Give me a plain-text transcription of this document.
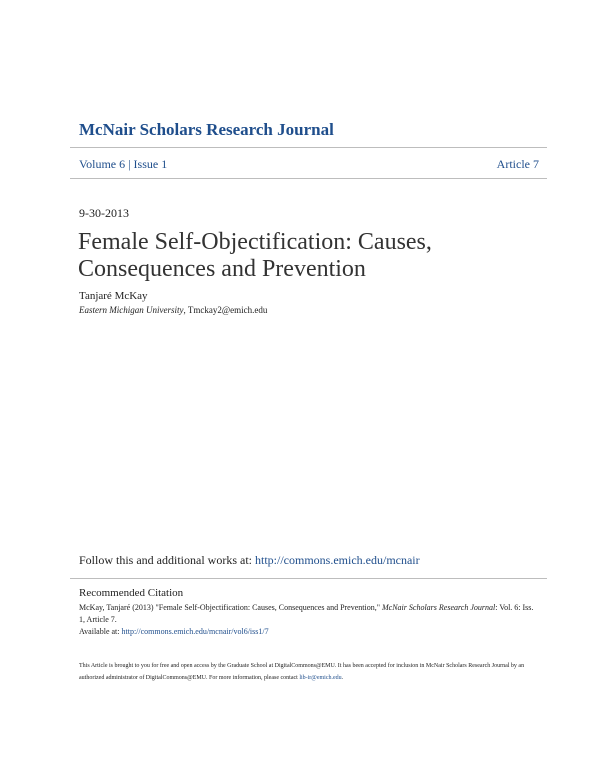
McNair Scholars Research Journal
Volume 6 | Issue 1	Article 7
9-30-2013
Female Self-Objectification: Causes, Consequences and Prevention
Tanjaré McKay
Eastern Michigan University, Tmckay2@emich.edu
Follow this and additional works at: http://commons.emich.edu/mcnair
Recommended Citation
McKay, Tanjaré (2013) "Female Self-Objectification: Causes, Consequences and Prevention," McNair Scholars Research Journal: Vol. 6: Iss. 1, Article 7.
Available at: http://commons.emich.edu/mcnair/vol6/iss1/7
This Article is brought to you for free and open access by the Graduate School at DigitalCommons@EMU. It has been accepted for inclusion in McNair Scholars Research Journal by an authorized administrator of DigitalCommons@EMU. For more information, please contact lib-ir@emich.edu.
